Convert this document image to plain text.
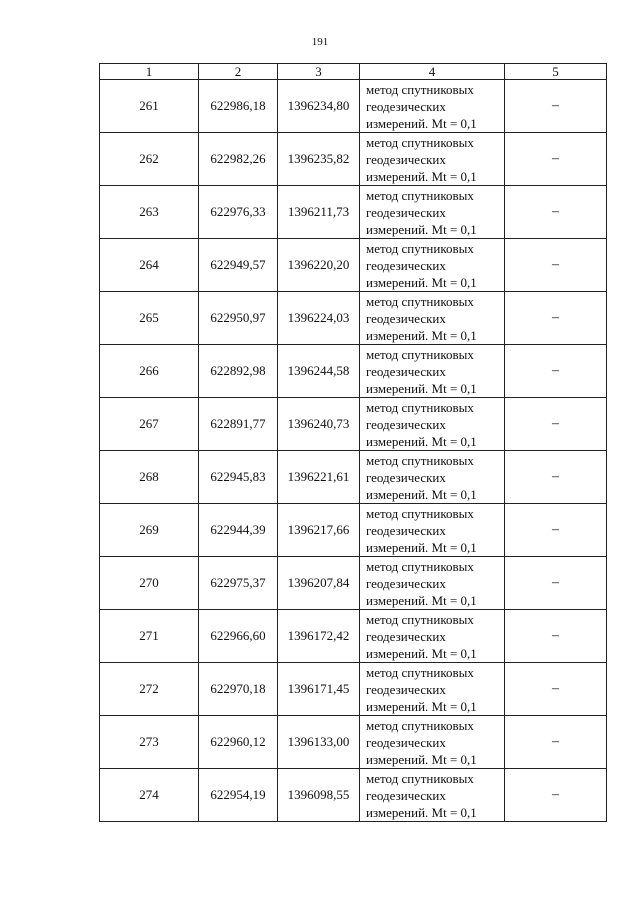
191
1	2	3	4	5
261	622986,18	1396234,80	метод спутниковых
геодезических
измерений. Mt = 0,1	–
262	622982,26	1396235,82	метод спутниковых
геодезических
измерений. Mt = 0,1	–
263	622976,33	1396211,73	метод спутниковых
геодезических
измерений. Mt = 0,1	–
264	622949,57	1396220,20	метод спутниковых
геодезических
измерений. Mt = 0,1	–
265	622950,97	1396224,03	метод спутниковых
геодезических
измерений. Mt = 0,1	–
266	622892,98	1396244,58	метод спутниковых
геодезических
измерений. Mt = 0,1	–
267	622891,77	1396240,73	метод спутниковых
геодезических
измерений. Mt = 0,1	–
268	622945,83	1396221,61	метод спутниковых
геодезических
измерений. Mt = 0,1	–
269	622944,39	1396217,66	метод спутниковых
геодезических
измерений. Mt = 0,1	–
270	622975,37	1396207,84	метод спутниковых
геодезических
измерений. Mt = 0,1	–
271	622966,60	1396172,42	метод спутниковых
геодезических
измерений. Mt = 0,1	–
272	622970,18	1396171,45	метод спутниковых
геодезических
измерений. Mt = 0,1	–
273	622960,12	1396133,00	метод спутниковых
геодезических
измерений. Mt = 0,1	–
274	622954,19	1396098,55	метод спутниковых
геодезических
измерений. Mt = 0,1	–
